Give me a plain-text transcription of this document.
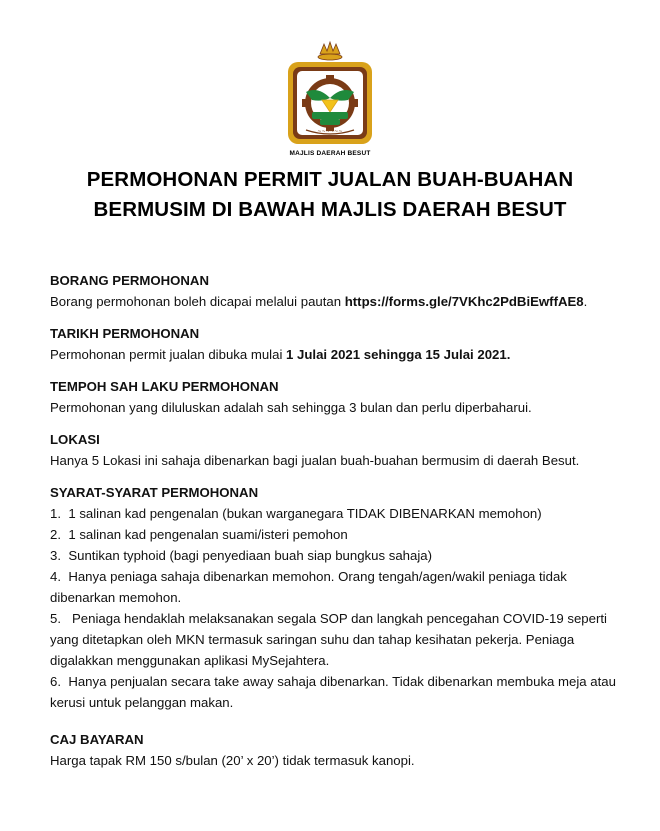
~~~~~~
MAJLIS DAERAH BESUT
PERMOHONAN PERMIT JUALAN BUAH-BUAHAN
BERMUSIM DI BAWAH MAJLIS DAERAH BESUT
BORANG PERMOHONAN
Borang permohonan boleh dicapai melalui pautan https://forms.gle/7VKhc2PdBiEwffAE8.
TARIKH PERMOHONAN
Permohonan permit jualan dibuka mulai 1 Julai 2021 sehingga 15 Julai 2021.
TEMPOH SAH LAKU PERMOHONAN
Permohonan yang diluluskan adalah sah sehingga 3 bulan dan perlu diperbaharui.
LOKASI
Hanya 5 Lokasi ini sahaja dibenarkan bagi jualan buah-buahan bermusim di daerah Besut.
SYARAT-SYARAT PERMOHONAN
1. 1 salinan kad pengenalan (bukan warganegara TIDAK DIBENARKAN memohon)
2. 1 salinan kad pengenalan suami/isteri pemohon
3. Suntikan typhoid (bagi penyediaan buah siap bungkus sahaja)
4. Hanya peniaga sahaja dibenarkan memohon. Orang tengah/agen/wakil peniaga tidak dibenarkan memohon.
5. Peniaga hendaklah melaksanakan segala SOP dan langkah pencegahan COVID-19 seperti yang ditetapkan oleh MKN termasuk saringan suhu dan tahap kesihatan pekerja. Peniaga digalakkan menggunakan aplikasi MySejahtera.
6. Hanya penjualan secara take away sahaja dibenarkan. Tidak dibenarkan membuka meja atau kerusi untuk pelanggan makan.
CAJ BAYARAN
Harga tapak RM 150 s/bulan (20’ x 20’) tidak termasuk kanopi.
